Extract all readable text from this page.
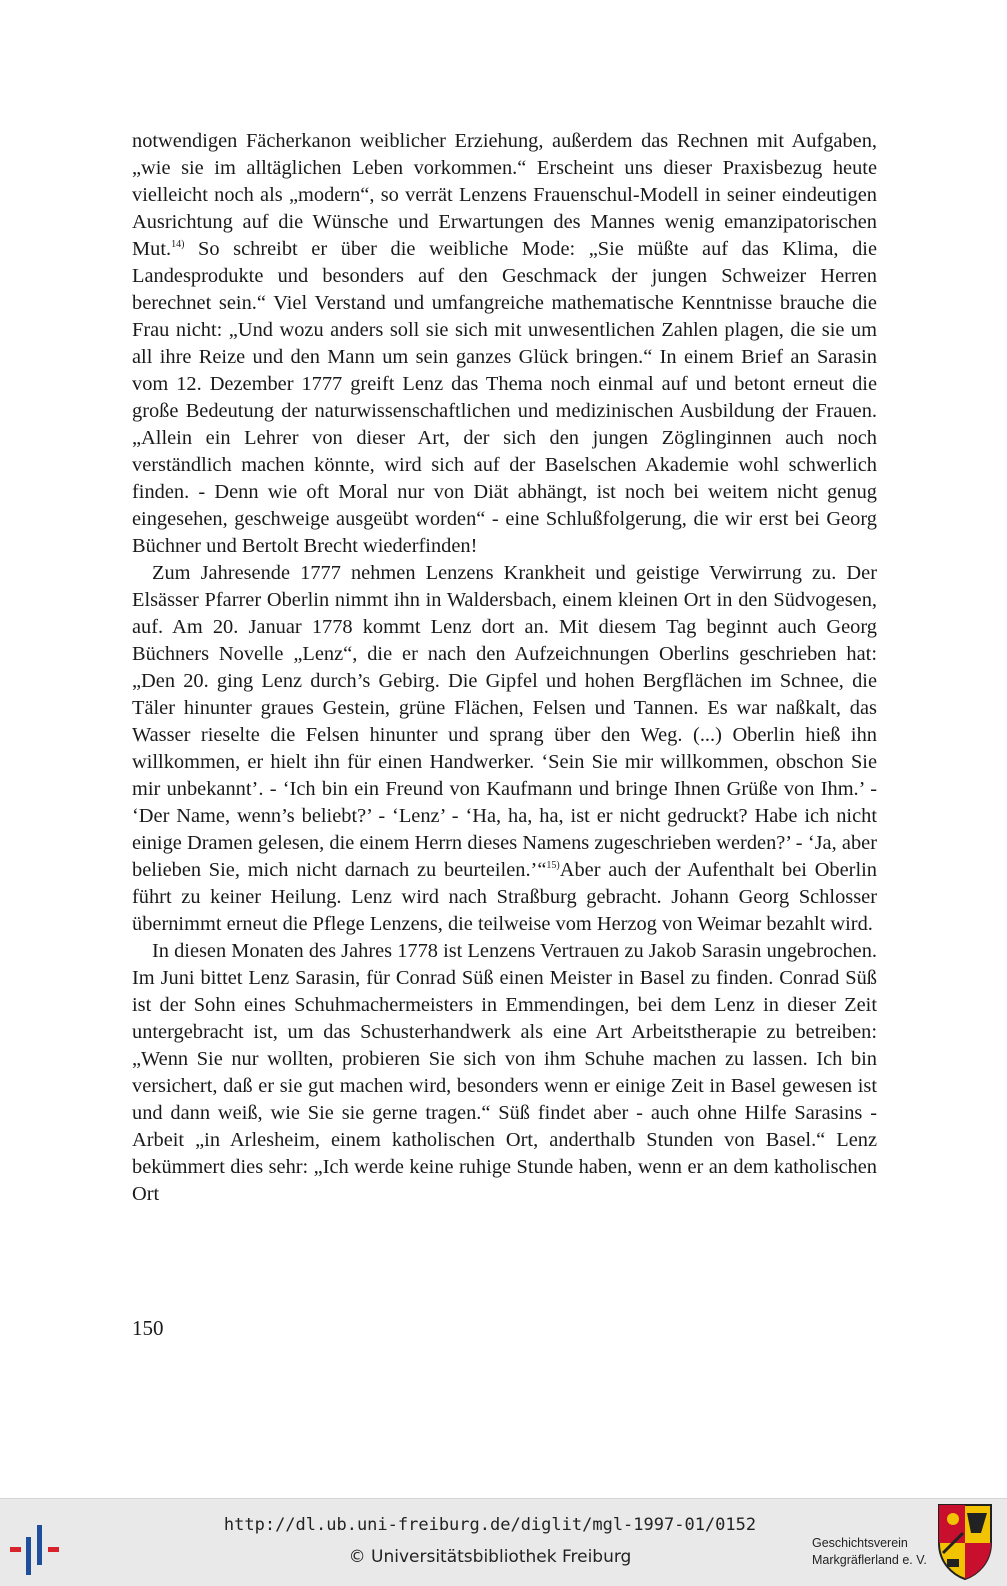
notwendigen Fächerkanon weiblicher Erziehung, außerdem das Rechnen mit Aufgaben, „wie sie im alltäglichen Leben vorkommen.“ Erscheint uns dieser Praxisbezug heute vielleicht noch als „modern“, so verrät Lenzens Frauenschul-Modell in seiner eindeutigen Ausrichtung auf die Wünsche und Erwartungen des Mannes wenig emanzipatorischen Mut.$^{14)}$ So schreibt er über die weibliche Mode: „Sie müßte auf das Klima, die Landesprodukte und besonders auf den Geschmack der jungen Schweizer Herren berechnet sein.“ Viel Verstand und umfangreiche mathematische Kenntnisse brauche die Frau nicht: „Und wozu anders soll sie sich mit unwesentlichen Zahlen plagen, die sie um all ihre Reize und den Mann um sein ganzes Glück bringen.“ In einem Brief an Sarasin vom 12. Dezember 1777 greift Lenz das Thema noch einmal auf und betont erneut die große Bedeutung der naturwissenschaftlichen und medizinischen Ausbildung der Frauen. „Allein ein Lehrer von dieser Art, der sich den jungen Zöglinginnen auch noch verständlich machen könnte, wird sich auf der Baselschen Akademie wohl schwerlich finden. - Denn wie oft Moral nur von Diät abhängt, ist noch bei weitem nicht genug eingesehen, geschweige ausgeübt worden“ - eine Schlußfolgerung, die wir erst bei Georg Büchner und Bertolt Brecht wiederfinden!

Zum Jahresende 1777 nehmen Lenzens Krankheit und geistige Verwirrung zu. Der Elsässer Pfarrer Oberlin nimmt ihn in Waldersbach, einem kleinen Ort in den Südvogesen, auf. Am 20. Januar 1778 kommt Lenz dort an. Mit diesem Tag beginnt auch Georg Büchners Novelle „Lenz“, die er nach den Aufzeichnungen Oberlins geschrieben hat: „Den 20. ging Lenz durch’s Gebirg. Die Gipfel und hohen Bergflächen im Schnee, die Täler hinunter graues Gestein, grüne Flächen, Felsen und Tannen. Es war naßkalt, das Wasser rieselte die Felsen hinunter und sprang über den Weg. (...) Oberlin hieß ihn willkommen, er hielt ihn für einen Handwerker. ‘Sein Sie mir willkommen, obschon Sie mir unbekannt’. - ‘Ich bin ein Freund von Kaufmann und bringe Ihnen Grüße von Ihm.’ - ‘Der Name, wenn’s beliebt?’ - ‘Lenz’ - ‘Ha, ha, ha, ist er nicht gedruckt? Habe ich nicht einige Dramen gelesen, die einem Herrn dieses Namens zugeschrieben werden?’ - ‘Ja, aber belieben Sie, mich nicht darnach zu beurteilen.’“$^{15)}$Aber auch der Aufenthalt bei Oberlin führt zu keiner Heilung. Lenz wird nach Straßburg gebracht. Johann Georg Schlosser übernimmt erneut die Pflege Lenzens, die teilweise vom Herzog von Weimar bezahlt wird.

In diesen Monaten des Jahres 1778 ist Lenzens Vertrauen zu Jakob Sarasin ungebrochen. Im Juni bittet Lenz Sarasin, für Conrad Süß einen Meister in Basel zu finden. Conrad Süß ist der Sohn eines Schuhmachermeisters in Emmendingen, bei dem Lenz in dieser Zeit untergebracht ist, um das Schusterhandwerk als eine Art Arbeitstherapie zu betreiben: „Wenn Sie nur wollten, probieren Sie sich von ihm Schuhe machen zu lassen. Ich bin versichert, daß er sie gut machen wird, besonders wenn er einige Zeit in Basel gewesen ist und dann weiß, wie Sie sie gerne tragen.“ Süß findet aber - auch ohne Hilfe Sarasins - Arbeit „in Arlesheim, einem katholischen Ort, anderthalb Stunden von Basel.“ Lenz bekümmert dies sehr: „Ich werde keine ruhige Stunde haben, wenn er an dem katholischen Ort

150
http://dl.ub.uni-freiburg.de/diglit/mgl-1997-01/0152
© Universitätsbibliothek Freiburg
Geschichtsverein
Markgräflerland e. V.
